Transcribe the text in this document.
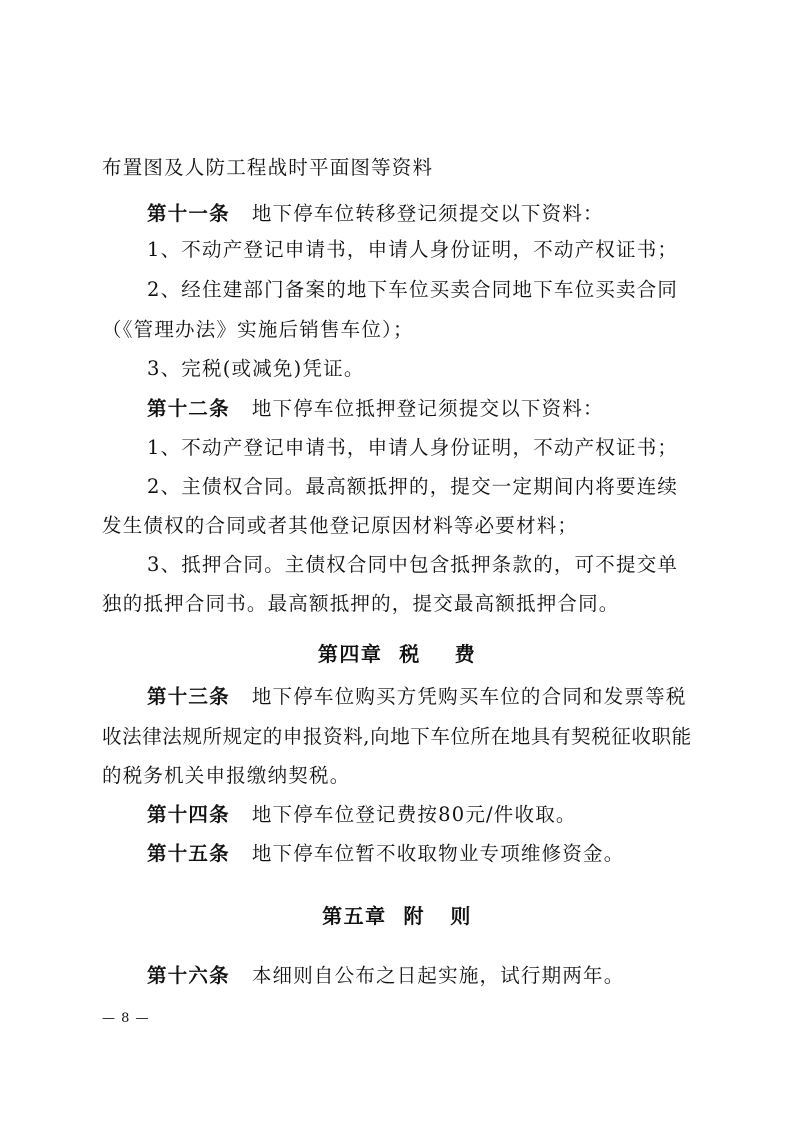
布置图及人防工程战时平面图等资料
第十一条 地下停车位转移登记须提交以下资料：
1、不动产登记申请书，申请人身份证明，不动产权证书；
2、经住建部门备案的地下车位买卖合同地下车位买卖合同
（《管理办法》实施后销售车位）；
3、完税(或减免)凭证。
第十二条 地下停车位抵押登记须提交以下资料：
1、不动产登记申请书，申请人身份证明，不动产权证书；
2、主债权合同。最高额抵押的，提交一定期间内将要连续
发生债权的合同或者其他登记原因材料等必要材料；
3、抵押合同。主债权合同中包含抵押条款的，可不提交单
独的抵押合同书。最高额抵押的，提交最高额抵押合同。
第四章  税    费
第十三条 地下停车位购买方凭购买车位的合同和发票等税
收法律法规所规定的申报资料,向地下车位所在地具有契税征收职能
的税务机关申报缴纳契税。
第十四条 地下停车位登记费按80元/件收取。
第十五条 地下停车位暂不收取物业专项维修资金。
第五章  附   则
第十六条 本细则自公布之日起实施，试行期两年。
— 8 —
